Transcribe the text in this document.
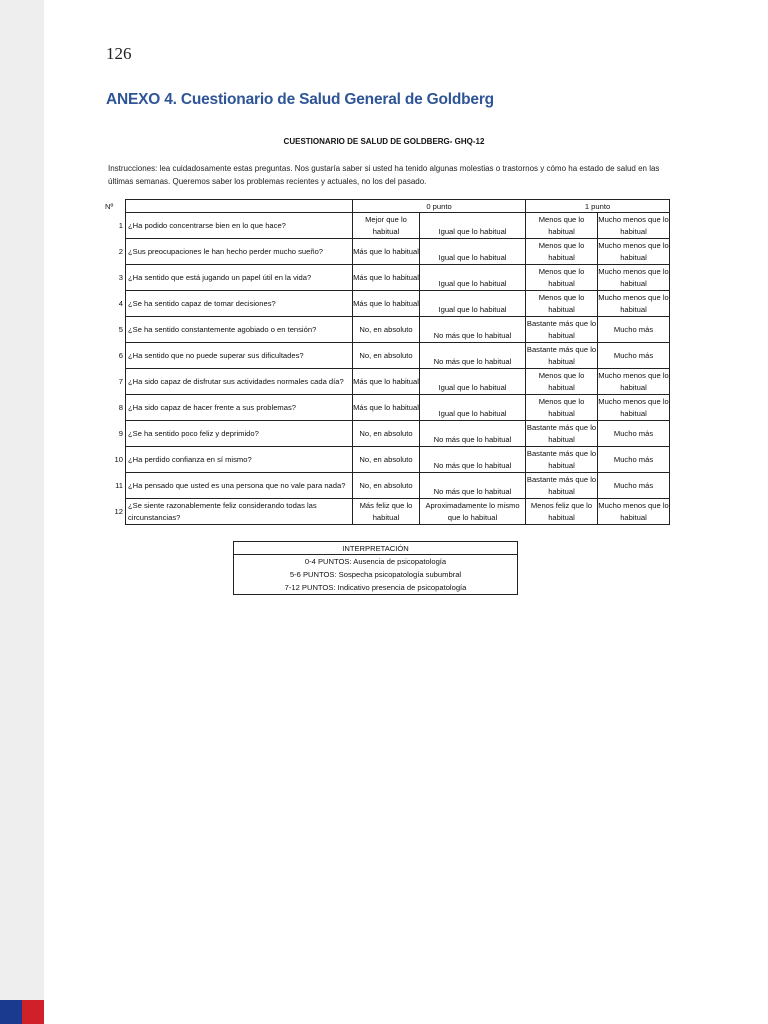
126
ANEXO 4. Cuestionario de Salud General de Goldberg
CUESTIONARIO DE SALUD DE GOLDBERG- GHQ-12
Instrucciones: lea cuidadosamente estas preguntas. Nos gustaría saber si usted ha tenido algunas molestias o trastornos y cómo ha estado de salud en las últimas semanas. Queremos saber los problemas recientes y actuales, no los del pasado.
Nº		0 punto		1 punto	
1	¿Ha podido concentrarse bien en lo que hace?	Mejor que lo habitual	Igual que lo habitual	Menos que lo habitual	Mucho menos que lo habitual
2	¿Sus preocupaciones le han hecho perder mucho sueño?	Más que lo habitual	Igual que lo habitual	Menos que lo habitual	Mucho menos que lo habitual
3	¿Ha sentido que está jugando un papel útil en la vida?	Más que lo habitual	Igual que lo habitual	Menos que lo habitual	Mucho menos que lo habitual
4	¿Se ha sentido capaz de tomar decisiones?	Más que lo habitual	Igual que lo habitual	Menos que lo habitual	Mucho menos que lo habitual
5	¿Se ha sentido constantemente agobiado o en tensión?	No, en absoluto	No más que lo habitual	Bastante más que lo habitual	Mucho más
6	¿Ha sentido que no puede superar sus dificultades?	No, en absoluto	No más que lo habitual	Bastante más que lo habitual	Mucho más
7	¿Ha sido capaz de disfrutar sus actividades normales cada día?	Más que lo habitual	Igual que lo habitual	Menos que lo habitual	Mucho menos que lo habitual
8	¿Ha sido capaz de hacer frente a sus problemas?	Más que lo habitual	Igual que lo habitual	Menos que lo habitual	Mucho menos que lo habitual
9	¿Se ha sentido poco feliz y deprimido?	No, en absoluto	No más que lo habitual	Bastante más que lo habitual	Mucho más
10	¿Ha perdido confianza en sí mismo?	No, en absoluto	No más que lo habitual	Bastante más que lo habitual	Mucho más
11	¿Ha pensado que usted es una persona que no vale para nada?	No, en absoluto	No más que lo habitual	Bastante más que lo habitual	Mucho más
12	¿Se siente razonablemente feliz considerando todas las circunstancias?	Más feliz que lo habitual	Aproximadamente lo mismo que lo habitual	Menos feliz que lo habitual	Mucho menos que lo habitual
INTERPRETACIÓN
0-4 PUNTOS: Ausencia de psicopatología
5-6 PUNTOS: Sospecha psicopatología subumbral
7-12 PUNTOS: Indicativo presencia de psicopatología
